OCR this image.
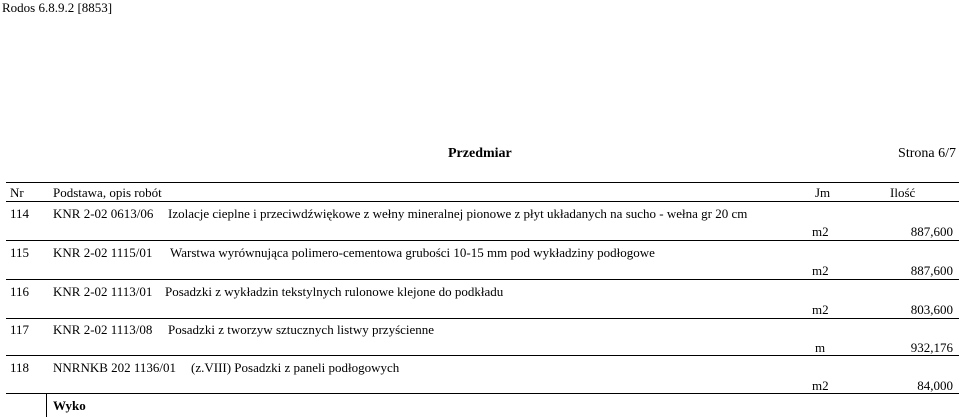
Rodos 6.8.9.2 [8853]
Przedmiar	Strona 6/7
Nr Podstawa, opis robót	Jm	Ilość
114 KNR 2-02 0613/06 Izolacje cieplne i przeciwdźwiękowe z wełny mineralnej pionowe z płyt układanych na sucho - wełna gr 20 cm
m2	887,600
115 KNR 2-02 1115/01 Warstwa wyrównująca polimero-cementowa grubości 10-15 mm pod wykładziny podłogowe
m2	887,600
116 KNR 2-02 1113/01 Posadzki z wykładzin tekstylnych rulonowe klejone do podkładu
m2	803,600
117 KNR 2-02 1113/08 Posadzki z tworzyw sztucznych listwy przyścienne
m	932,176
118 NNRNKB 202 1136/01 (z.VIII) Posadzki z paneli podłogowych
m2	84,000
Wyko
